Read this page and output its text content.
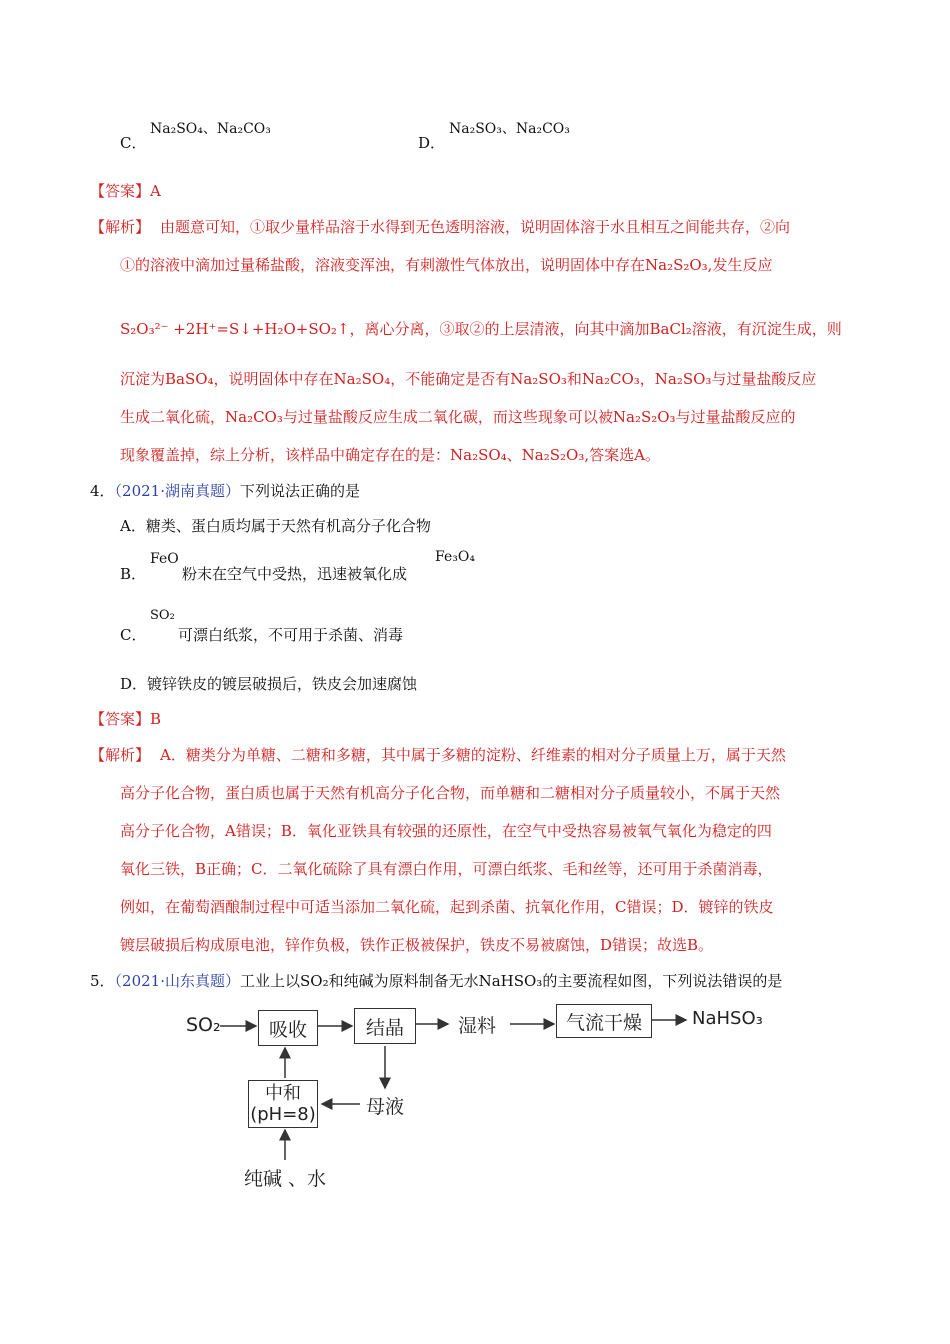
C．
Na₂SO₄、Na₂CO₃
D．
Na₂SO₃、Na₂CO₃
【答案】A
【解析】 由题意可知，①取少量样品溶于水得到无色透明溶液，说明固体溶于水且相互之间能共存，②向
①的溶液中滴加过量稀盐酸，溶液变浑浊，有刺激性气体放出，说明固体中存在Na₂S₂O₃,发生反应
S₂O₃²⁻ +2H⁺=S↓+H₂O+SO₂↑，离心分离，③取②的上层清液，向其中滴加BaCl₂溶液，有沉淀生成，则
沉淀为BaSO₄，说明固体中存在Na₂SO₄，不能确定是否有Na₂SO₃和Na₂CO₃，Na₂SO₃与过量盐酸反应
生成二氧化硫，Na₂CO₃与过量盐酸反应生成二氧化碳，而这些现象可以被Na₂S₂O₃与过量盐酸反应的
现象覆盖掉，综上分析，该样品中确定存在的是：Na₂SO₄、Na₂S₂O₃,答案选A。
4．（2021·湖南真题）下列说法正确的是
A．糖类、蛋白质均属于天然有机高分子化合物
B．
FeO
粉末在空气中受热，迅速被氧化成
Fe₃O₄
C．
SO₂
可漂白纸浆，不可用于杀菌、消毒
D．镀锌铁皮的镀层破损后，铁皮会加速腐蚀
【答案】B
【解析】 A．糖类分为单糖、二糖和多糖，其中属于多糖的淀粉、纤维素的相对分子质量上万，属于天然
高分子化合物，蛋白质也属于天然有机高分子化合物，而单糖和二糖相对分子质量较小，不属于天然
高分子化合物，A错误；B．氧化亚铁具有较强的还原性，在空气中受热容易被氧气氧化为稳定的四
氧化三铁，B正确；C．二氧化硫除了具有漂白作用，可漂白纸浆、毛和丝等，还可用于杀菌消毒，
例如，在葡萄酒酿制过程中可适当添加二氧化硫，起到杀菌、抗氧化作用，C错误；D．镀锌的铁皮
镀层破损后构成原电池，锌作负极，铁作正极被保护，铁皮不易被腐蚀，D错误；故选B。
5．（2021·山东真题）工业上以SO₂和纯碱为原料制备无水NaHSO₃的主要流程如图，下列说法错误的是
SO₂	吸收	结晶	湿料	气流干燥	NaHSO₃
中和
(pH=8)	母液
纯碱 、水
